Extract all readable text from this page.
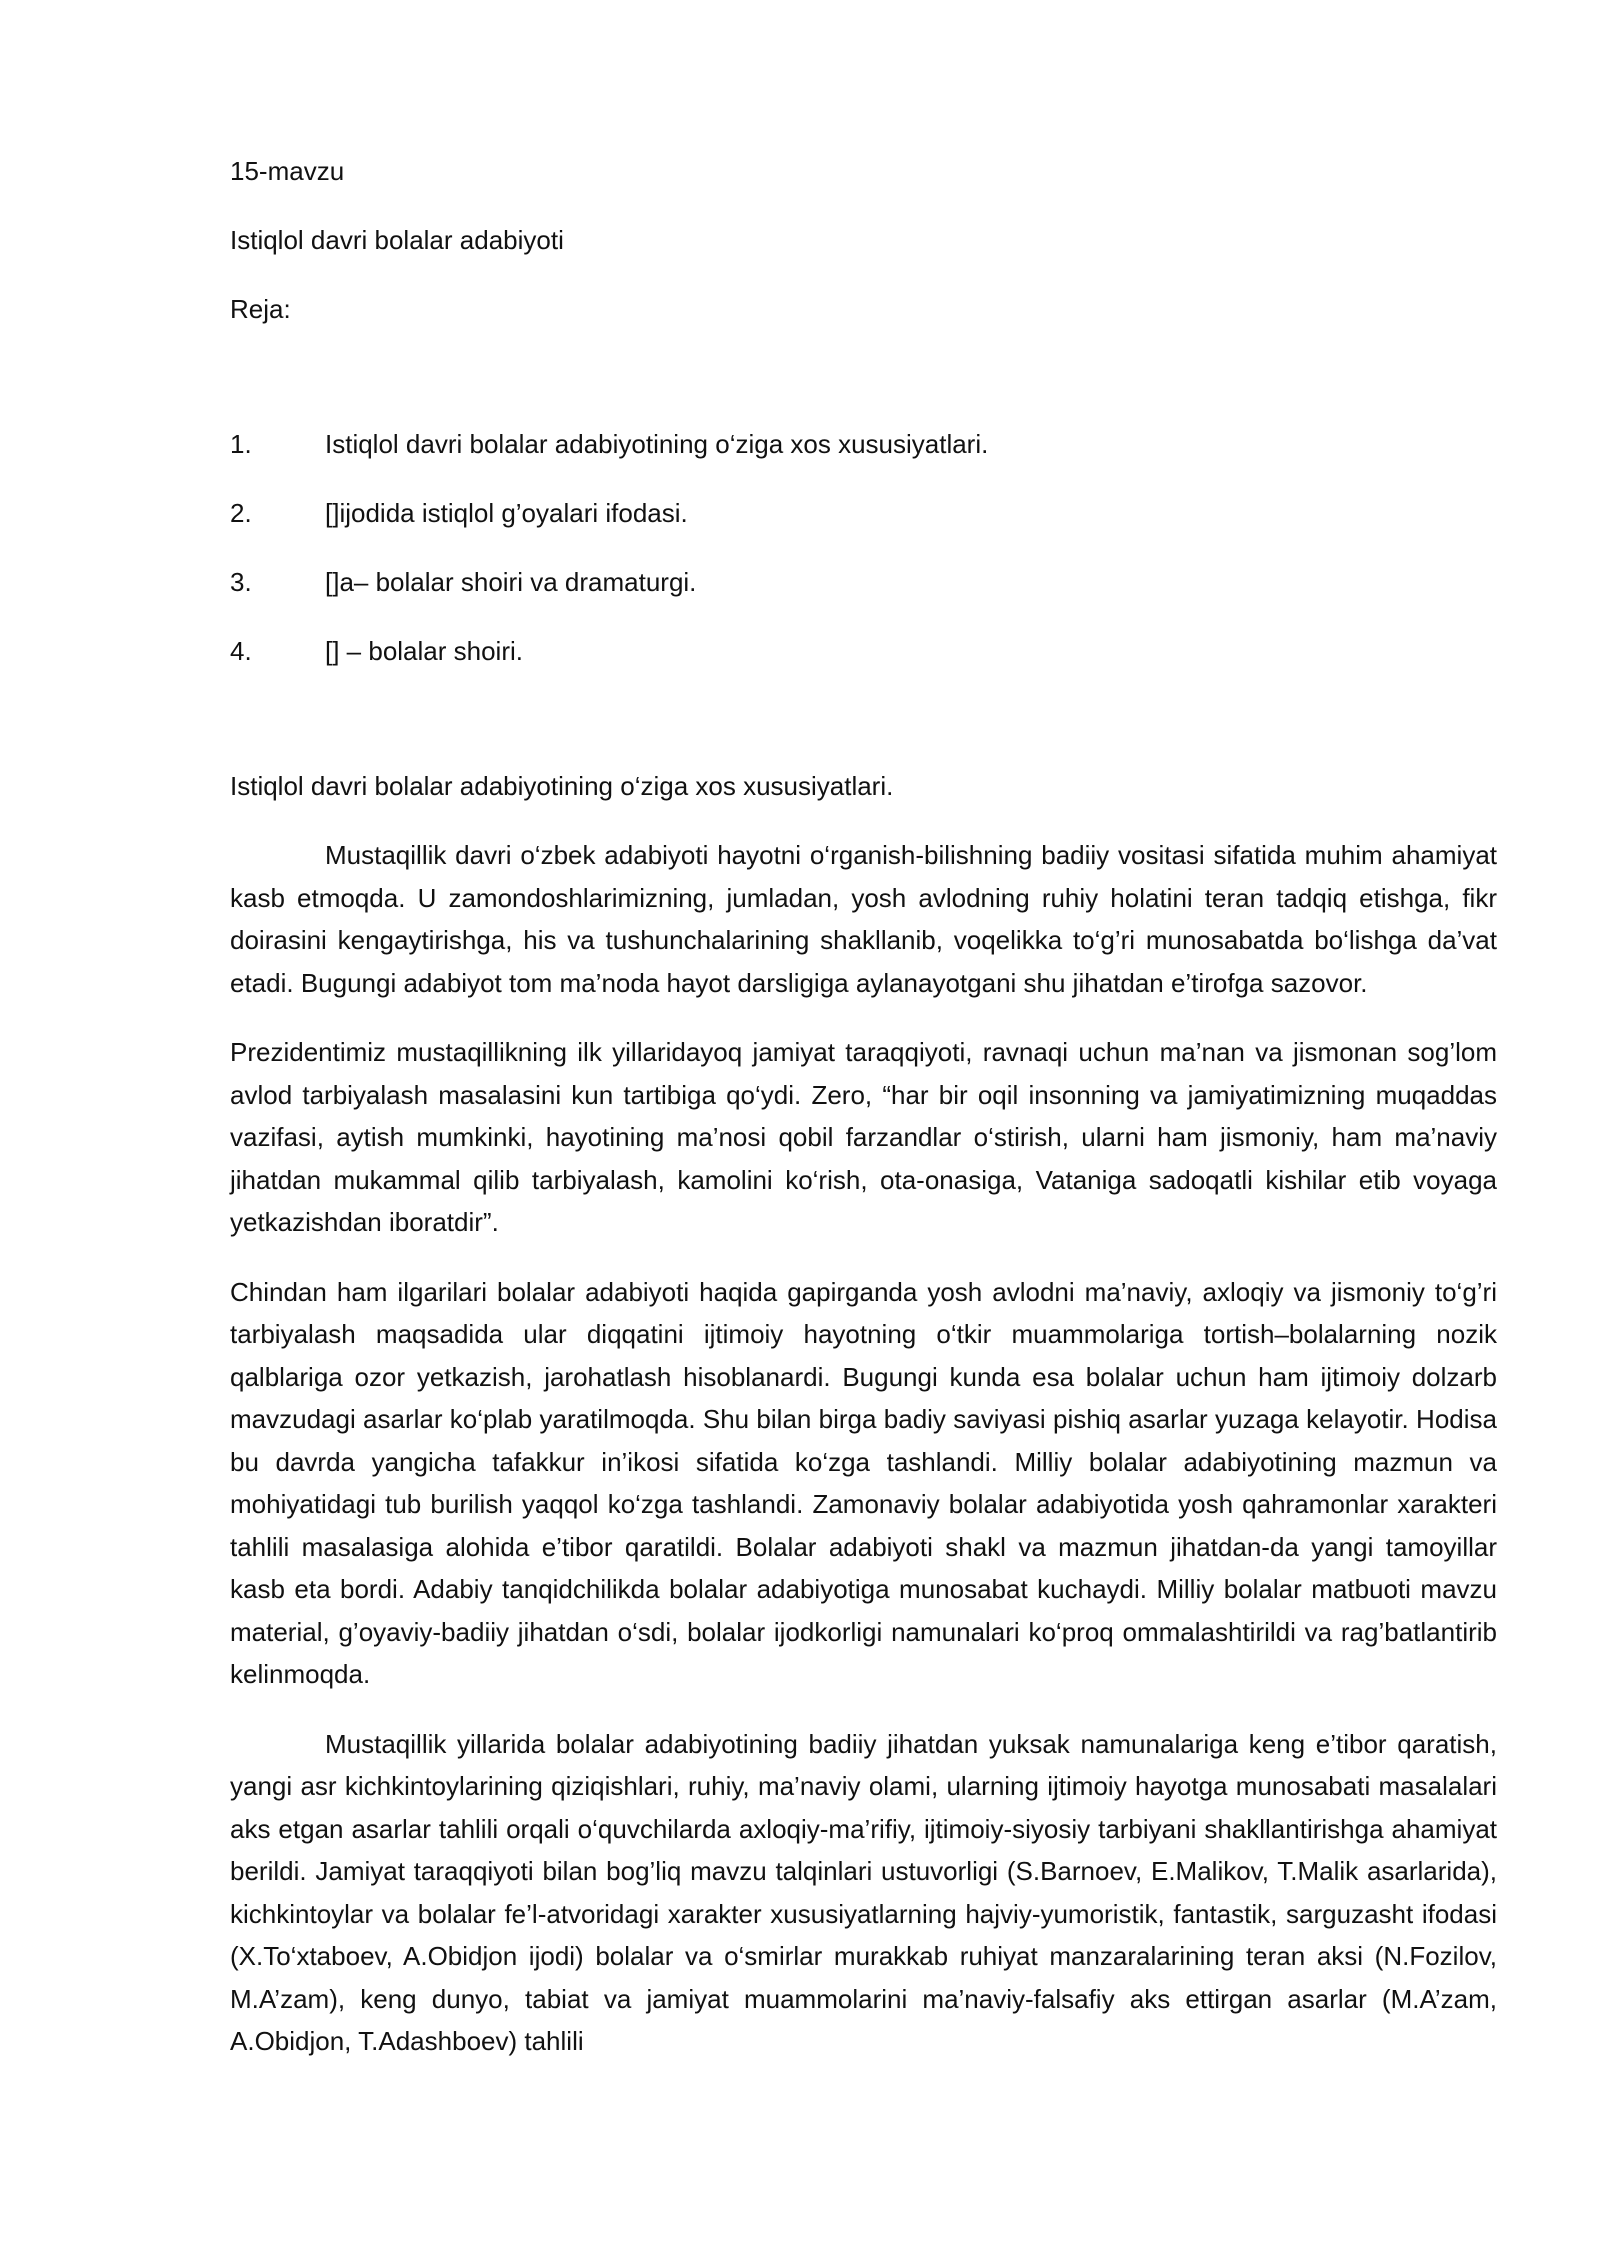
15-mavzu

Istiqlol davri bolalar adabiyoti

Reja:

1.	Istiqlol davri bolalar adabiyotining o‘ziga xos xususiyatlari.
2.	[]ijodida istiqlol g’oyalari ifodasi.
3.	[]a– bolalar shoiri va dramaturgi.
4.	[] – bolalar shoiri.

Istiqlol davri bolalar adabiyotining o‘ziga xos xususiyatlari.

Mustaqillik davri o‘zbek adabiyoti hayotni o‘rganish-bilishning badiiy vositasi sifatida muhim ahamiyat kasb etmoqda. U zamondoshlarimizning, jumladan, yosh avlodning ruhiy holatini teran tadqiq etishga, fikr doirasini kengaytirishga, his va tushunchalarining shakllanib, voqelikka to‘g’ri munosabatda bo‘lishga da’vat etadi. Bugungi adabiyot tom ma’noda hayot darsligiga aylanayotgani shu jihatdan e’tirofga sazovor.

Prezidentimiz mustaqillikning ilk yillaridayoq jamiyat taraqqiyoti, ravnaqi uchun ma’nan va jismonan sog’lom avlod tarbiyalash masalasini kun tartibiga qo‘ydi. Zero, “har bir oqil insonning va jamiyatimizning muqaddas vazifasi, aytish mumkinki, hayotining ma’nosi qobil farzandlar o‘stirish, ularni ham jismoniy, ham ma’naviy jihatdan mukammal qilib tarbiyalash, kamolini ko‘rish, ota-onasiga, Vataniga sadoqatli kishilar etib voyaga yetkazishdan iboratdir”.

Chindan ham ilgarilari bolalar adabiyoti haqida gapirganda yosh avlodni ma’naviy, axloqiy va jismoniy to‘g’ri tarbiyalash maqsadida ular diqqatini ijtimoiy hayotning o‘tkir muammolariga tortish–bolalarning nozik qalblariga ozor yetkazish, jarohatlash hisoblanardi. Bugungi kunda esa bolalar uchun ham ijtimoiy dolzarb mavzudagi asarlar ko‘plab yaratilmoqda. Shu bilan birga badiy saviyasi pishiq asarlar yuzaga kelayotir. Hodisa bu davrda yangicha tafakkur in’ikosi sifatida ko‘zga tashlandi. Milliy bolalar adabiyotining mazmun va mohiyatidagi tub burilish yaqqol ko‘zga tashlandi. Zamonaviy bolalar adabiyotida yosh qahramonlar xarakteri tahlili masalasiga alohida e’tibor qaratildi. Bolalar adabiyoti shakl va mazmun jihatdan-da yangi tamoyillar kasb eta bordi. Adabiy tanqidchilikda bolalar adabiyotiga munosabat kuchaydi. Milliy bolalar matbuoti mavzu material, g’oyaviy-badiiy jihatdan o‘sdi, bolalar ijodkorligi namunalari ko‘proq ommalashtirildi va rag’batlantirib kelinmoqda.

Mustaqillik yillarida bolalar adabiyotining badiiy jihatdan yuksak namunalariga keng e’tibor qaratish, yangi asr kichkintoylarining qiziqishlari, ruhiy, ma’naviy olami, ularning ijtimoiy hayotga munosabati masalalari aks etgan asarlar tahlili orqali o‘quvchilarda axloqiy-ma’rifiy, ijtimoiy-siyosiy tarbiyani shakllantirishga ahamiyat berildi. Jamiyat taraqqiyoti bilan bog’liq mavzu talqinlari ustuvorligi (S.Barnoev, E.Malikov, T.Malik asarlarida), kichkintoylar va bolalar fe’l-atvoridagi xarakter xususiyatlarning hajviy-yumoristik, fantastik, sarguzasht ifodasi (X.To‘xtaboev, A.Obidjon ijodi) bolalar va o‘smirlar murakkab ruhiyat manzaralarining teran aksi (N.Fozilov, M.A’zam), keng dunyo, tabiat va jamiyat muammolarini ma’naviy-falsafiy aks ettirgan asarlar (M.A’zam, A.Obidjon, T.Adashboev) tahlili
